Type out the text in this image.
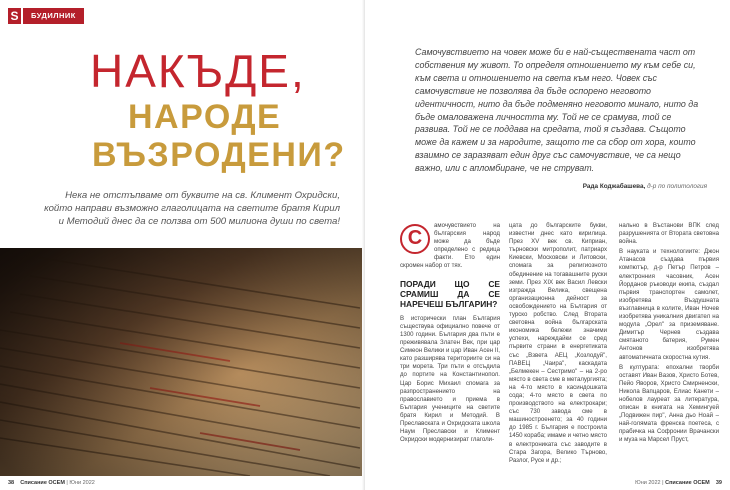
S	БУДИЛНИК
НАКЪДЕ,
НАРОДЕ
ВЪЗРОДЕНИ?
Нека не отстъпваме от буквите на св. Климент Охридски, който направи възможно глаголицата на светите братя Кирил и Методий днес да се ползва от 500 милиона души по света!
38 Списание ОСЕМ | Юни 2022
Самочувствието на човек може би е най-съществената част от собствения му живот. То определя отношението му към себе си, към света и отношението на света към него. Човек със самочувствие не позволява да бъде оспорено неговото идентичност, нито да бъде подменяно неговото минало, нито да бъде омаловажена личността му. Той не се срамува, той се развива. Той не се поддава на средата, той я създава. Същото може да кажем и за народите, защото те са сбор от хора, които взаимно се заразяват един друг със самочувствие, че са нещо важно, или с апломбиране, че не струват.
Рада Коджабашева, д-р по политология
С

амочувствието на българския народ може да бъде определено с редица факти. Ето един скромен набор от тях.

ПОРАДИ ЩО СЕ СРАМИШ ДА СЕ НАРЕЧЕШ БЪЛГАРИН?

В исторически план България съществува официално повече от 1300 години. България два пъти е преживявала Златен Век, при цар Симеон Велики и цар Иван Асен II, като разширява териториите си на три морета. Три пъти е отсъдила до портите на Константинопол. Цар Борис Михаил спомага за разпространението на православието и приема в България учениците на светите братя Кирил и Методий. В Преславската и Охридската школа Наум Преславски и Климент Охридски модернизират глаголи-

цата до българските букви, известни днес като кирилица. През XV век св. Киприан, търновски митрополит, патриарх Киевски, Московски и Литовски, спомага за религиозното обединение на тогавашните руски земи. През XIX век Васил Левски изгражда Велика, свещена организационна дейност за освобождението на България от турско робство. След Втората световна война българската икономика бележи значими успехи, нареждайки се сред първите страни в енергетиката със „Взвета АЕЦ „Козлодуй", ПАВЕЦ „Чаира", каскадата „Белмекен – Сестримо" – на 2-ро място в света сме в металургията; на 4-то място в касиндошката сода; 4-то място в света по производството на електрокари; със 730 завода сме в машиностроенето; за 40 години до 1985 г. България е построила 1450 корабa; имаме и четно място в електрониката със заводите в Стара Загора, Велико Търново, Разлог, Русе и др.;

нально в Въстанови ВПК след разрушенията от Втората световна война.

В науката и технологиите: Джон Атанасов създава първия компютър, д-р Петър Петров – електронния часовник, Асен Йорданов ръководи екипа, създал първия транспортен самолет, изобретява Въздушната възглавница в колите, Иван Ночев изобретява уникалния двигател на модула „Орел" за приземяване. Димитър Чернев създава смятаното батерия, Румен Антонов изобретява автоматичната скоростна кутия.

В културата: епохални творби оставят Иван Вазов, Христо Ботев, Пейо Яворов, Христо Смирненски, Никола Вапцаров, Елиас Канети – нобелов лауреат за литература, описан в книгата на Хемингуей „Подвижен пир", Анна дьо Ноай – най-голямата френска поетеса, с прабичка на Софронии Врачански и муза на Марсел Пруст,

Юни 2022 | Списание ОСЕМ 39
